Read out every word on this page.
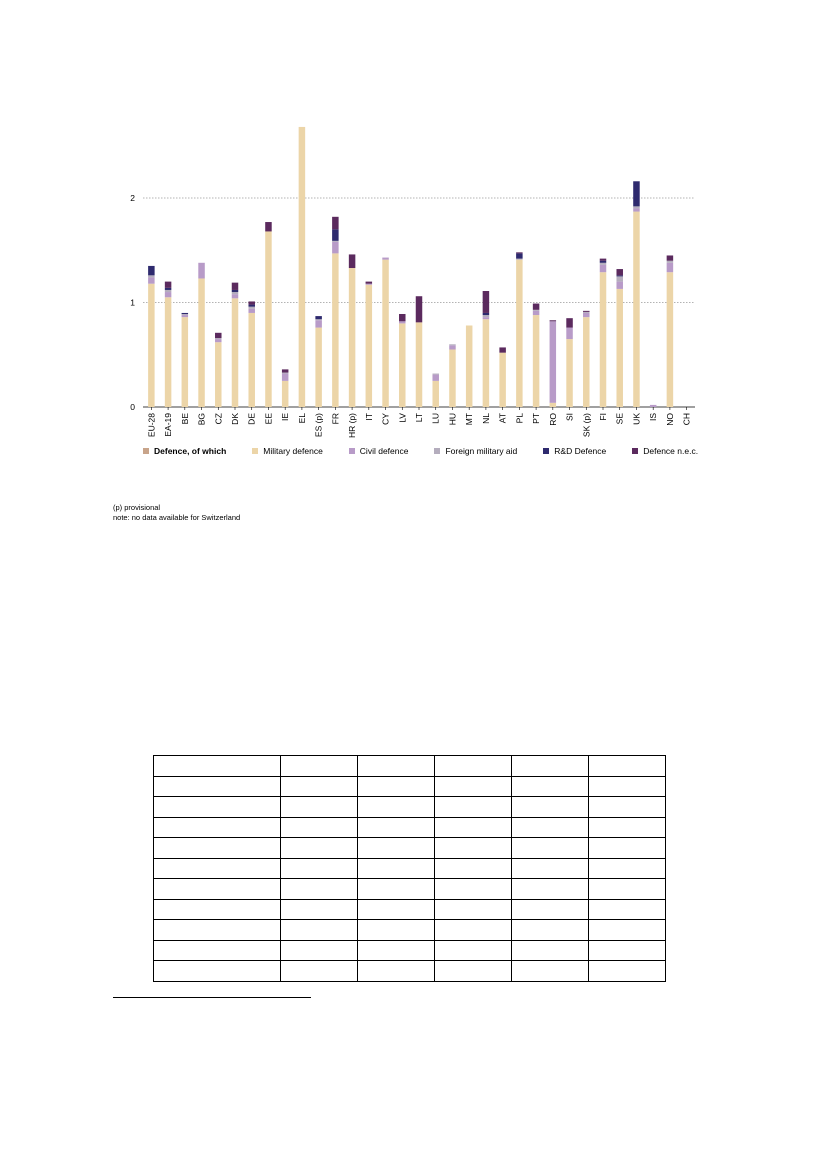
0
1
2
EU-28 EA-19 BE BG CZ DK DE EE IE EL ES (p) FR HR (p) IT CY LV LT LU HU MT NL AT PL PT RO SI SK (p) FI SE UK IS NO CH
Defence, of which	Military defence	Civil defence	Foreign military aid	R&D Defence	Defence n.e.c.
(p) provisional
note: no data available for Switzerland
